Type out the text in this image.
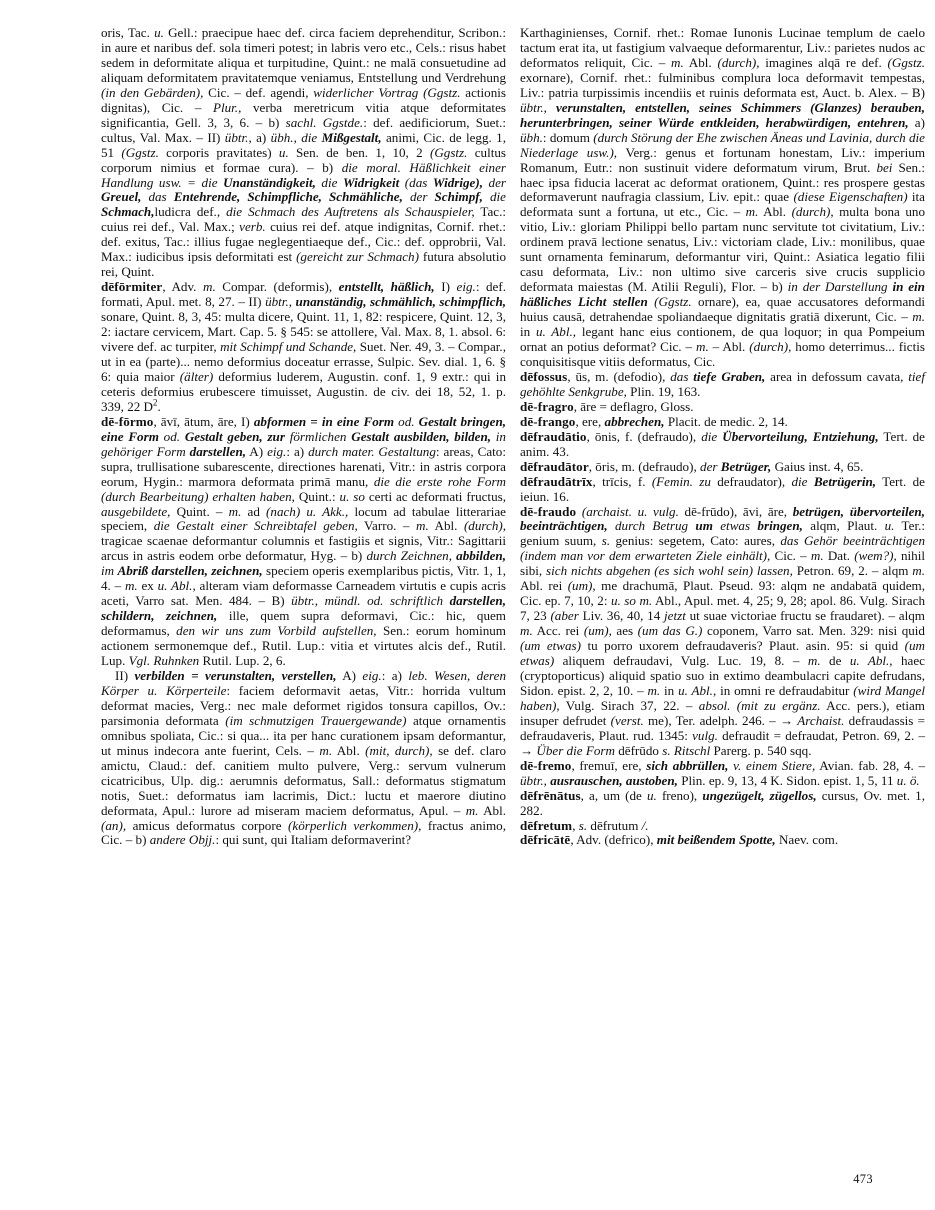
oris, Tac. u. Gell.: praecipue haec def. circa faciem deprehenditur, Scribon.: in aure et naribus def. sola timeri potest; in labris vero etc., Cels.: risus habet sedem in deformitate aliqua et turpitudine, Quint.: ne malā consuetudine ad aliquam deformitatem pravitatemque veniamus, Entstellung und Verdrehung (in den Gebärden), Cic. – def. agendi, widerlicher Vortrag (Ggstz. actionis dignitas), Cic. – Plur., verba meretricum vitia atque deformitates significantia, Gell. 3, 3, 6. – b) sachl. Ggstde.: def. aedificiorum, Suet.: cultus, Val. Max. – II) übtr., a) übh., die Mißgestalt, animi, Cic. de legg. 1, 51 (Ggstz. corporis pravitates) u. Sen. de ben. 1, 10, 2 (Ggstz. cultus corporum nimius et formae cura). – b) die moral. Häßlichkeit einer Handlung usw. = die Unanständigkeit, die Widrigkeit (das Widrige), der Greuel, das Entehrende, Schimpfliche, Schmähliche, der Schimpf, die Schmach,ludicra def., die Schmach des Auftretens als Schauspieler, Tac.: cuius rei def., Val. Max.; verb. cuius rei def. atque indignitas, Cornif. rhet.: def. exitus, Tac.: illius fugae neglegentiaeque def., Cic.: def. opprobrii, Val. Max.: iudicibus ipsis deformitati est (gereicht zur Schmach) futura absolutio rei, Quint.

dēfōrmiter, Adv. m. Compar. (deformis), entstellt, häßlich, I) eig.: def. formati, Apul. met. 8, 27. – II) übtr., unanständig, schmählich, schimpflich, sonare, Quint. 8, 3, 45: multa dicere, Quint. 11, 1, 82: respicere, Quint. 12, 3, 2: iactare cervicem, Mart. Cap. 5. § 545: se attollere, Val. Max. 8, 1. absol. 6: vivere def. ac turpiter, mit Schimpf und Schande, Suet. Ner. 49, 3. – Compar., ut in ea (parte)... nemo deformius doceatur errasse, Sulpic. Sev. dial. 1, 6. § 6: quia maior (älter) deformius luderem, Augustin. conf. 1, 9 extr.: qui in ceteris deformius erubescere timuisset, Augustin. de civ. dei 18, 52, 1. p. 339, 22 $D^2$.

dē-fōrmo, āvī, ātum, āre, I) abformen = in eine Form od. Gestalt bringen, eine Form od. Gestalt geben, zur förmlichen Gestalt ausbilden, bilden, in gehöriger Form darstellen, A) eig.: a) durch mater. Gestaltung: areas, Cato: supra, trullisatione subarescente, directiones harenati, Vitr.: in astris corpora eorum, Hygin.: marmora deformata primā manu, die die erste rohe Form (durch Bearbeitung) erhalten haben, Quint.: u. so certi ac deformati fructus, ausgebildete, Quint. – m. ad (nach) u. Akk., locum ad tabulae litterariae speciem, die Gestalt einer Schreibtafel geben, Varro. – m. Abl. (durch), tragicae scaenae deformantur columnis et fastigiis et signis, Vitr.: Sagittarii arcus in astris eodem orbe deformatur, Hyg. – b) durch Zeichnen, abbilden, im Abriß darstellen, zeichnen, speciem operis exemplaribus pictis, Vitr. 1, 1, 4. – m. ex u. Abl., alteram viam deformasse Carneadem virtutis e cupis acris aceti, Varro sat. Men. 484. – B) übtr., mündl. od. schriftlich darstellen, schildern, zeichnen, ille, quem supra deformavi, Cic.: hic, quem deformamus, den wir uns zum Vorbild aufstellen, Sen.: eorum hominum actionem sermonemque def., Rutil. Lup.: vitia et virtutes alcis def., Rutil. Lup. Vgl. Ruhnken Rutil. Lup. 2, 6.

II) verbilden = verunstalten, verstellen, A) eig.: a) leb. Wesen, deren Körper u. Körperteile: faciem deformavit aetas, Vitr.: horrida vultum deformat macies, Verg.: nec male deformet rigidos tonsura capillos, Ov.: parsimonia deformata (im schmutzigen Trauergewande) atque ornamentis omnibus spoliata, Cic.: si qua... ita per hanc curationem ipsam deformantur, ut minus indecora ante fuerint, Cels. – m. Abl. (mit, durch), se def. claro amictu, Claud.: def. canitiem multo pulvere, Verg.: servum vulnerum cicatricibus, Ulp. dig.: aerumnis deformatus, Sall.: deformatus stigmatum notis, Suet.: deformatus iam lacrimis, Dict.: luctu et maerore diutino deformata, Apul.: lurore ad miseram maciem deformatus, Apul. – m. Abl. (an), amicus deformatus corpore (körperlich verkommen), fractus animo, Cic. – b) andere Objj.: qui sunt, qui Italiam deformaverint?

Karthaginienses, Cornif. rhet.: Romae Iunonis Lucinae templum de caelo tactum erat ita, ut fastigium valvaeque deformarentur, Liv.: parietes nudos ac deformatos reliquit, Cic. – m. Abl. (durch), imagines alqā re def. (Ggstz. exornare), Cornif. rhet.: fulminibus complura loca deformavit tempestas, Liv.: patria turpissimis incendiis et ruinis deformata est, Auct. b. Alex. – B) übtr., verunstalten, entstellen, seines Schimmers (Glanzes) berauben, herunterbringen, seiner Würde entkleiden, herabwürdigen, entehren, a) übh.: domum (durch Störung der Ehe zwischen Äneas und Lavinia, durch die Niederlage usw.), Verg.: genus et fortunam honestam, Liv.: imperium Romanum, Eutr.: non sustinuit videre deformatum virum, Brut. bei Sen.: haec ipsa fiducia lacerat ac deformat orationem, Quint.: res prospere gestas deformaverunt naufragia classium, Liv. epit.: quae (diese Eigenschaften) ita deformata sunt a fortuna, ut etc., Cic. – m. Abl. (durch), multa bona uno vitio, Liv.: gloriam Philippi bello partam nunc servitute tot civitatium, Liv.: ordinem pravā lectione senatus, Liv.: victoriam clade, Liv.: monilibus, quae sunt ornamenta feminarum, deformantur viri, Quint.: Asiatica legatio filii casu deformata, Liv.: non ultimo sive carceris sive crucis supplicio deformata maiestas (M. Atilii Reguli), Flor. – b) in der Darstellung in ein häßliches Licht stellen (Ggstz. ornare), ea, quae accusatores deformandi huius causā, detrahendae spoliandaeque dignitatis gratiā dixerunt, Cic. – m. in u. Abl., legant hanc eius contionem, de qua loquor; in qua Pompeium ornat an potius deformat? Cic. – m. – Abl. (durch), homo deterrimus... fictis conquisitisque vitiis deformatus, Cic.

dēfossus, ūs, m. (defodio), das tiefe Graben, area in defossum cavata, tief gehöhlte Senkgrube, Plin. 19, 163.

dē-fragro, āre = deflagro, Gloss.

dē-frango, ere, abbrechen, Placit. de medic. 2, 14.

dēfraudātio, ōnis, f. (defraudo), die Übervorteilung, Entziehung, Tert. de anim. 43.

dēfraudātor, ōris, m. (defraudo), der Betrüger, Gaius inst. 4, 65.

dēfraudātrīx, trīcis, f. (Femin. zu defraudator), die Betrügerin, Tert. de ieiun. 16.

dē-fraudo (archaist. u. vulg. dē-frūdo), āvi, āre, betrügen, übervorteilen, beeinträchtigen, durch Betrug um etwas bringen, alqm, Plaut. u. Ter.: genium suum, s. genius: segetem, Cato: aures, das Gehör beeinträchtigen (indem man vor dem erwarteten Ziele einhält), Cic. – m. Dat. (wem?), nihil sibi, sich nichts abgehen (es sich wohl sein) lassen, Petron. 69, 2. – alqm m. Abl. rei (um), me drachumā, Plaut. Pseud. 93: alqm ne andabatā quidem, Cic. ep. 7, 10, 2: u. so m. Abl., Apul. met. 4, 25; 9, 28; apol. 86. Vulg. Sirach 7, 23 (aber Liv. 36, 40, 14 jetzt ut suae victoriae fructu se fraudaret). – alqm m. Acc. rei (um), aes (um das G.) coponem, Varro sat. Men. 329: nisi quid (um etwas) tu porro uxorem defraudaveris? Plaut. asin. 95: si quid (um etwas) aliquem defraudavi, Vulg. Luc. 19, 8. – m. de u. Abl., haec (cryptoporticus) aliquid spatio suo in extimo deambulacri capite defrudans, Sidon. epist. 2, 2, 10. – m. in u. Abl., in omni re defraudabitur (wird Mangel haben), Vulg. Sirach 37, 22. – absol. (mit zu ergänz. Acc. pers.), etiam insuper defrudet (verst. me), Ter. adelph. 246. – → Archaist. defraudassis = defraudaveris, Plaut. rud. 1345: vulg. defraudit = defraudat, Petron. 69, 2. – → Über die Form dēfrūdo s. Ritschl Parerg. p. 540 sqq.

dē-fremo, fremuī, ere, sich abbrüllen, v. einem Stiere, Avian. fab. 28, 4. – übtr., ausrauschen, austoben, Plin. ep. 9, 13, 4 K. Sidon. epist. 1, 5, 11 u. ö.

dēfrēnātus, a, um (de u. freno), ungezügelt, zügellos, cursus, Ov. met. 1, 282.

dēfretum, s. dēfrutum /.

dēfricātē, Adv. (defrico), mit beißendem Spotte, Naev. com.

473
